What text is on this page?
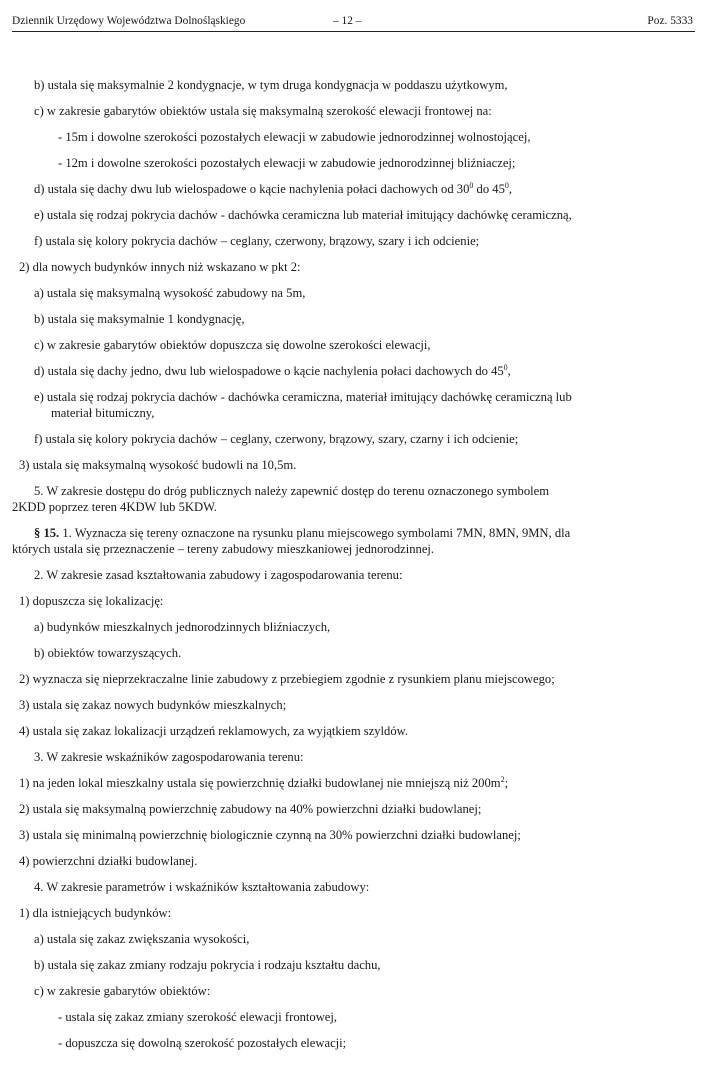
Dziennik Urzędowy Województwa Dolnośląskiego	– 12 –	Poz. 5333
b) ustala się maksymalnie 2 kondygnacje, w tym druga kondygnacja w poddaszu użytkowym,
c) w zakresie gabarytów obiektów ustala się maksymalną szerokość elewacji frontowej na:
- 15m i dowolne szerokości pozostałych elewacji w zabudowie jednorodzinnej wolnostojącej,
- 12m i dowolne szerokości pozostałych elewacji w zabudowie jednorodzinnej bliźniaczej;
d) ustala się dachy dwu lub wielospadowe o kącie nachylenia połaci dachowych od $30^0$ do $45^0$,
e) ustala się rodzaj pokrycia dachów - dachówka ceramiczna lub materiał imitujący dachówkę ceramiczną,
f) ustala się kolory pokrycia dachów – ceglany, czerwony, brązowy, szary i ich odcienie;
2) dla nowych budynków innych niż wskazano w pkt 2:
a) ustala się maksymalną wysokość zabudowy na 5m,
b) ustala się maksymalnie 1 kondygnację,
c) w zakresie gabarytów obiektów dopuszcza się dowolne szerokości elewacji,
d) ustala się dachy jedno, dwu lub wielospadowe o kącie nachylenia połaci dachowych do $45^0$,
e) ustala się rodzaj pokrycia dachów - dachówka ceramiczna, materiał imitujący dachówkę ceramiczną lub
materiał bitumiczny,
f) ustala się kolory pokrycia dachów – ceglany, czerwony, brązowy, szary, czarny i ich odcienie;
3) ustala się maksymalną wysokość budowli na 10,5m.
5. W zakresie dostępu do dróg publicznych należy zapewnić dostęp do terenu oznaczonego symbolem
2KDD poprzez teren 4KDW lub 5KDW.
§ 15. 1. Wyznacza się tereny oznaczone na rysunku planu miejscowego symbolami 7MN, 8MN, 9MN, dla
których ustala się przeznaczenie – tereny zabudowy mieszkaniowej jednorodzinnej.
2. W zakresie zasad kształtowania zabudowy i zagospodarowania terenu:
1) dopuszcza się lokalizację:
a) budynków mieszkalnych jednorodzinnych bliźniaczych,
b) obiektów towarzyszących.
2) wyznacza się nieprzekraczalne linie zabudowy z przebiegiem zgodnie z rysunkiem planu miejscowego;
3) ustala się zakaz nowych budynków mieszkalnych;
4) ustala się zakaz lokalizacji urządzeń reklamowych, za wyjątkiem szyldów.
3. W zakresie wskaźników zagospodarowania terenu:
1) na jeden lokal mieszkalny ustala się powierzchnię działki budowlanej nie mniejszą niż $200m^2$;
2) ustala się maksymalną powierzchnię zabudowy na 40% powierzchni działki budowlanej;
3) ustala się minimalną powierzchnię biologicznie czynną na 30% powierzchni działki budowlanej;
4) powierzchni działki budowlanej.
4. W zakresie parametrów i wskaźników kształtowania zabudowy:
1) dla istniejących budynków:
a) ustala się zakaz zwiększania wysokości,
b) ustala się zakaz zmiany rodzaju pokrycia i rodzaju kształtu dachu,
c) w zakresie gabarytów obiektów:
- ustala się zakaz zmiany szerokość elewacji frontowej,
- dopuszcza się dowolną szerokość pozostałych elewacji;
